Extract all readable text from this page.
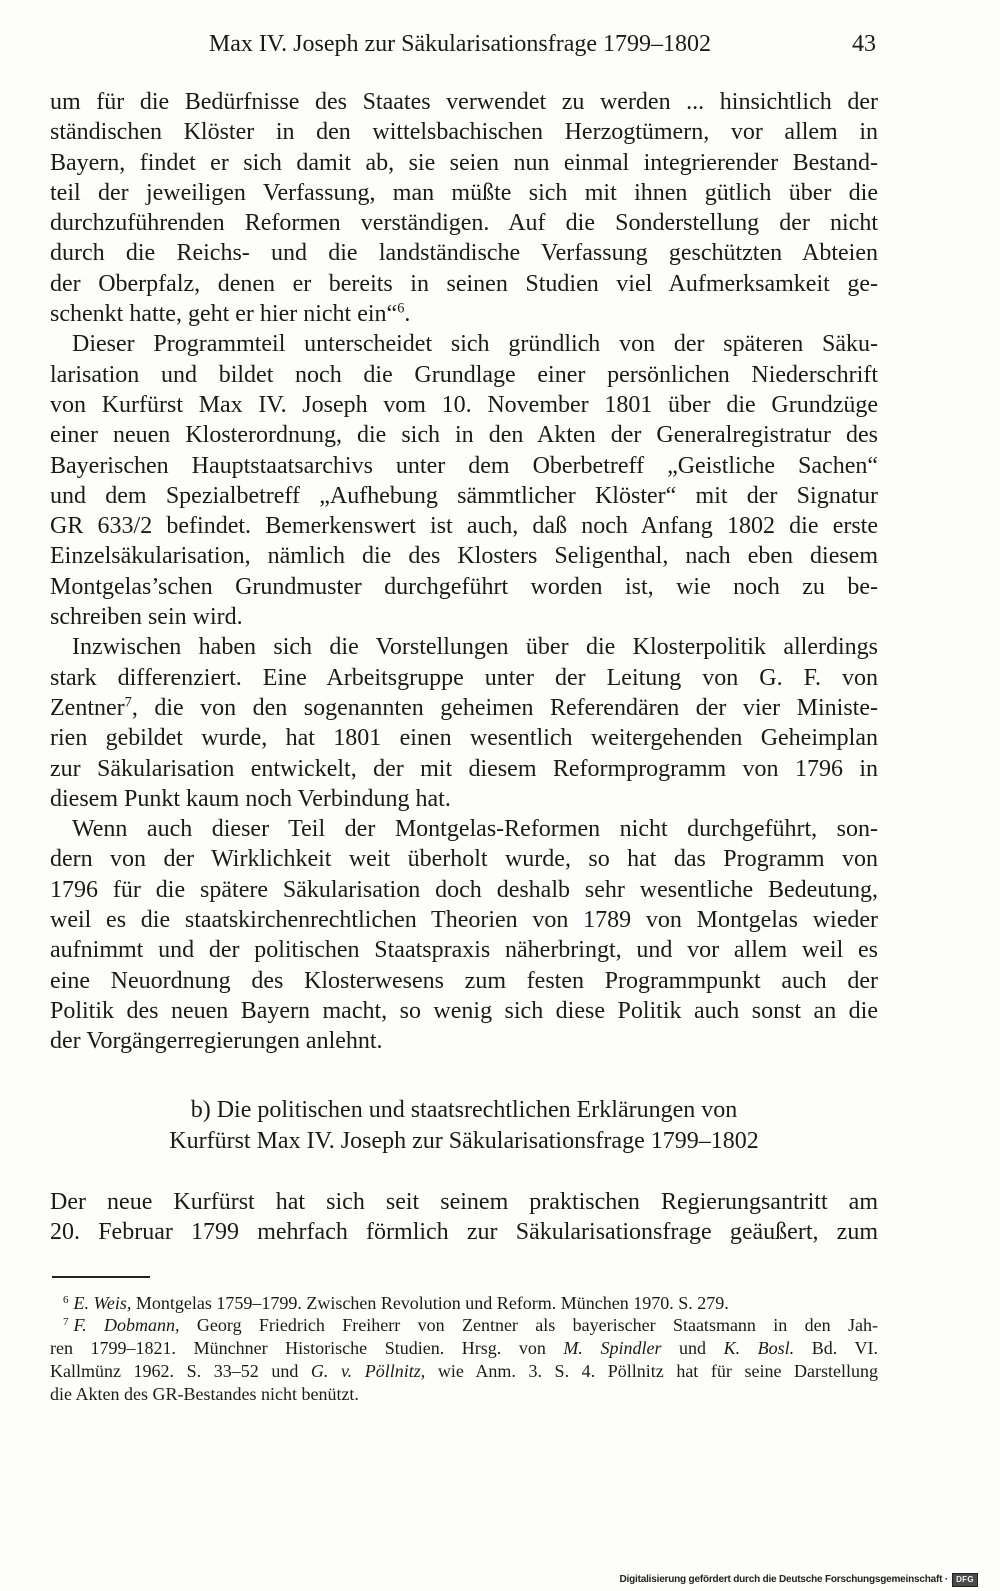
Max IV. Joseph zur Säkularisationsfrage 1799–1802	43
um für die Bedürfnisse des Staates verwendet zu werden ... hinsichtlich der
ständischen Klöster in den wittelsbachischen Herzogtümern, vor allem in
Bayern, findet er sich damit ab, sie seien nun einmal integrierender Bestand-
teil der jeweiligen Verfassung, man müßte sich mit ihnen gütlich über die
durchzuführenden Reformen verständigen. Auf die Sonderstellung der nicht
durch die Reichs- und die landständische Verfassung geschützten Abteien
der Oberpfalz, denen er bereits in seinen Studien viel Aufmerksamkeit ge-
schenkt hatte, geht er hier nicht ein“$^6$.
Dieser Programmteil unterscheidet sich gründlich von der späteren Säku-
larisation und bildet noch die Grundlage einer persönlichen Niederschrift
von Kurfürst Max IV. Joseph vom 10. November 1801 über die Grundzüge
einer neuen Klosterordnung, die sich in den Akten der Generalregistratur des
Bayerischen Hauptstaatsarchivs unter dem Oberbetreff „Geistliche Sachen“
und dem Spezialbetreff „Aufhebung sämmtlicher Klöster“ mit der Signatur
GR 633/2 befindet. Bemerkenswert ist auch, daß noch Anfang 1802 die erste
Einzelsäkularisation, nämlich die des Klosters Seligenthal, nach eben diesem
Montgelas’schen Grundmuster durchgeführt worden ist, wie noch zu be-
schreiben sein wird.
Inzwischen haben sich die Vorstellungen über die Klosterpolitik allerdings
stark differenziert. Eine Arbeitsgruppe unter der Leitung von G. F. von
Zentner$^7$, die von den sogenannten geheimen Referendären der vier Ministe-
rien gebildet wurde, hat 1801 einen wesentlich weitergehenden Geheimplan
zur Säkularisation entwickelt, der mit diesem Reformprogramm von 1796 in
diesem Punkt kaum noch Verbindung hat.
Wenn auch dieser Teil der Montgelas-Reformen nicht durchgeführt, son-
dern von der Wirklichkeit weit überholt wurde, so hat das Programm von
1796 für die spätere Säkularisation doch deshalb sehr wesentliche Bedeutung,
weil es die staatskirchenrechtlichen Theorien von 1789 von Montgelas wieder
aufnimmt und der politischen Staatspraxis näherbringt, und vor allem weil es
eine Neuordnung des Klosterwesens zum festen Programmpunkt auch der
Politik des neuen Bayern macht, so wenig sich diese Politik auch sonst an die
der Vorgängerregierungen anlehnt.
b) Die politischen und staatsrechtlichen Erklärungen von
Kurfürst Max IV. Joseph zur Säkularisationsfrage 1799–1802
Der neue Kurfürst hat sich seit seinem praktischen Regierungsantritt am
20. Februar 1799 mehrfach förmlich zur Säkularisationsfrage geäußert, zum
$^6$ E. Weis, Montgelas 1759–1799. Zwischen Revolution und Reform. München 1970. S. 279.
$^7$ F. Dobmann, Georg Friedrich Freiherr von Zentner als bayerischer Staatsmann in den Jah-
ren 1799–1821. Münchner Historische Studien. Hrsg. von M. Spindler und K. Bosl. Bd. VI.
Kallmünz 1962. S. 33–52 und G. v. Pöllnitz, wie Anm. 3. S. 4. Pöllnitz hat für seine Darstellung
die Akten des GR-Bestandes nicht benützt.
Digitalisierung gefördert durch die Deutsche Forschungsgemeinschaft ·	DFG
